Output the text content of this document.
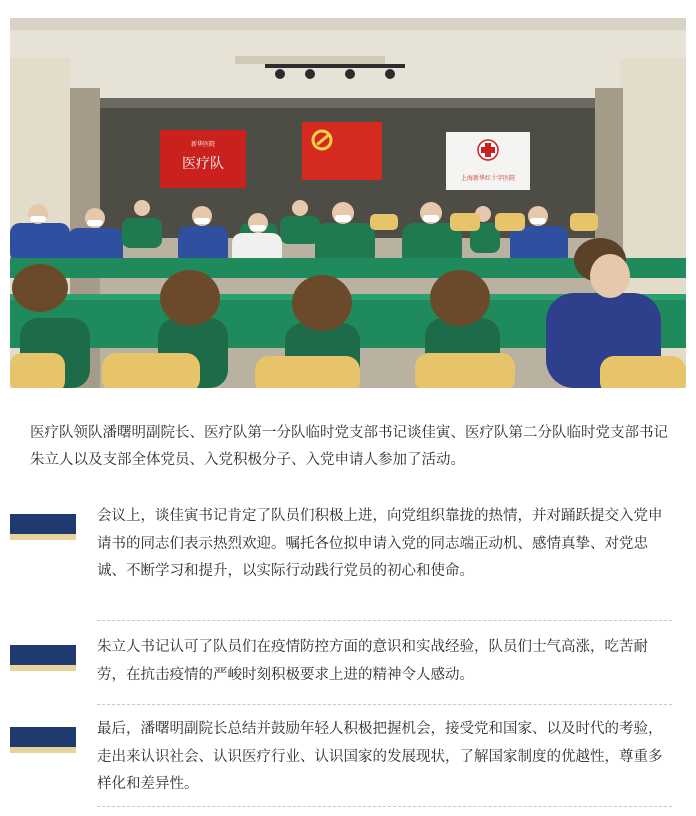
新华医院
医疗队
上海新华红十字医院

医疗队领队潘曙明副院长、医疗队第一分队临时党支部书记谈佳寅、医疗队第二分队临时党支部书记朱立人以及支部全体党员、入党积极分子、入党申请人参加了活动。

会议上，谈佳寅书记肯定了队员们积极上进，向党组织靠拢的热情，并对踊跃提交入党申请书的同志们表示热烈欢迎。嘱托各位拟申请入党的同志端正动机、感情真挚、对党忠诚、不断学习和提升，以实际行动践行党员的初心和使命。

朱立人书记认可了队员们在疫情防控方面的意识和实战经验，队员们士气高涨，吃苦耐劳，在抗击疫情的严峻时刻积极要求上进的精神令人感动。

最后，潘曙明副院长总结并鼓励年轻人积极把握机会，接受党和国家、以及时代的考验，走出来认识社会、认识医疗行业、认识国家的发展现状，了解国家制度的优越性，尊重多样化和差异性。
